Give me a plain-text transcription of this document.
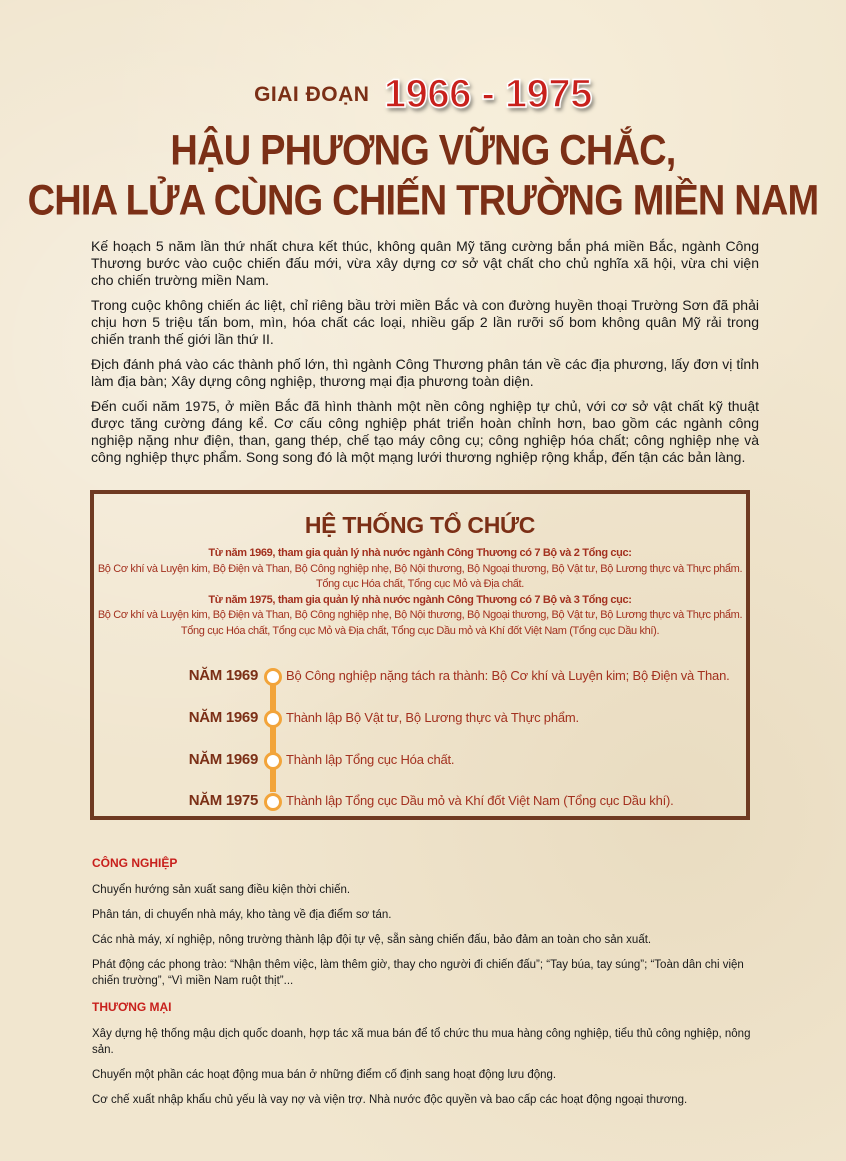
GIAI ĐOẠN 1966 - 1975
HẬU PHƯƠNG VỮNG CHẮC,
CHIA LỬA CÙNG CHIẾN TRƯỜNG MIỀN NAM

Kế hoạch 5 năm lần thứ nhất chưa kết thúc, không quân Mỹ tăng cường bắn phá miền Bắc, ngành Công Thương bước vào cuộc chiến đấu mới, vừa xây dựng cơ sở vật chất cho chủ nghĩa xã hội, vừa chi viện cho chiến trường miền Nam.

Trong cuộc không chiến ác liệt, chỉ riêng bầu trời miền Bắc và con đường huyền thoại Trường Sơn đã phải chịu hơn 5 triệu tấn bom, mìn, hóa chất các loại, nhiều gấp 2 lần rưỡi số bom không quân Mỹ rải trong chiến tranh thế giới lần thứ II.

Địch đánh phá vào các thành phố lớn, thì ngành Công Thương phân tán về các địa phương, lấy đơn vị tỉnh làm địa bàn; Xây dựng công nghiệp, thương mại địa phương toàn diện.

Đến cuối năm 1975, ở miền Bắc đã hình thành một nền công nghiệp tự chủ, với cơ sở vật chất kỹ thuật được tăng cường đáng kể. Cơ cấu công nghiệp phát triển hoàn chỉnh hơn, bao gồm các ngành công nghiệp nặng như điện, than, gang thép, chế tạo máy công cụ; công nghiệp hóa chất; công nghiệp nhẹ và công nghiệp thực phẩm. Song song đó là một mạng lưới thương nghiệp rộng khắp, đến tận các bản làng.

HỆ THỐNG TỔ CHỨC
Từ năm 1969, tham gia quản lý nhà nước ngành Công Thương có 7 Bộ và 2 Tổng cục:
Bộ Cơ khí và Luyện kim, Bộ Điện và Than, Bộ Công nghiệp nhẹ, Bộ Nội thương, Bộ Ngoại thương, Bộ Vật tư, Bộ Lương thực và Thực phẩm.
Tổng cục Hóa chất, Tổng cục Mỏ và Địa chất.
Từ năm 1975, tham gia quản lý nhà nước ngành Công Thương có 7 Bộ và 3 Tổng cục:
Bộ Cơ khí và Luyện kim, Bộ Điện và Than, Bộ Công nghiệp nhẹ, Bộ Nội thương, Bộ Ngoại thương, Bộ Vật tư, Bộ Lương thực và Thực phẩm.
Tổng cục Hóa chất, Tổng cục Mỏ và Địa chất, Tổng cục Dầu mỏ và Khí đốt Việt Nam (Tổng cục Dầu khí).
NĂM 1969 Bộ Công nghiệp nặng tách ra thành: Bộ Cơ khí và Luyện kim; Bộ Điện và Than.
NĂM 1969 Thành lập Bộ Vật tư, Bộ Lương thực và Thực phẩm.
NĂM 1969 Thành lập Tổng cục Hóa chất.
NĂM 1975 Thành lập Tổng cục Dầu mỏ và Khí đốt Việt Nam (Tổng cục Dầu khí).
CÔNG NGHIỆP
Chuyển hướng sản xuất sang điều kiện thời chiến.
Phân tán, di chuyển nhà máy, kho tàng về địa điểm sơ tán.
Các nhà máy, xí nghiệp, nông trường thành lập đội tự vệ, sẵn sàng chiến đấu, bảo đảm an toàn cho sản xuất.
Phát động các phong trào: “Nhận thêm việc, làm thêm giờ, thay cho người đi chiến đấu”; “Tay búa, tay súng”; “Toàn dân chi viện chiến trường”, “Vì miền Nam ruột thịt”...
THƯƠNG MẠI
Xây dựng hệ thống mậu dịch quốc doanh, hợp tác xã mua bán để tổ chức thu mua hàng công nghiệp, tiểu thủ công nghiệp, nông sản.
Chuyển một phần các hoạt động mua bán ở những điểm cố định sang hoạt động lưu động.
Cơ chế xuất nhập khẩu chủ yếu là vay nợ và viện trợ. Nhà nước độc quyền và bao cấp các hoạt động ngoại thương.
